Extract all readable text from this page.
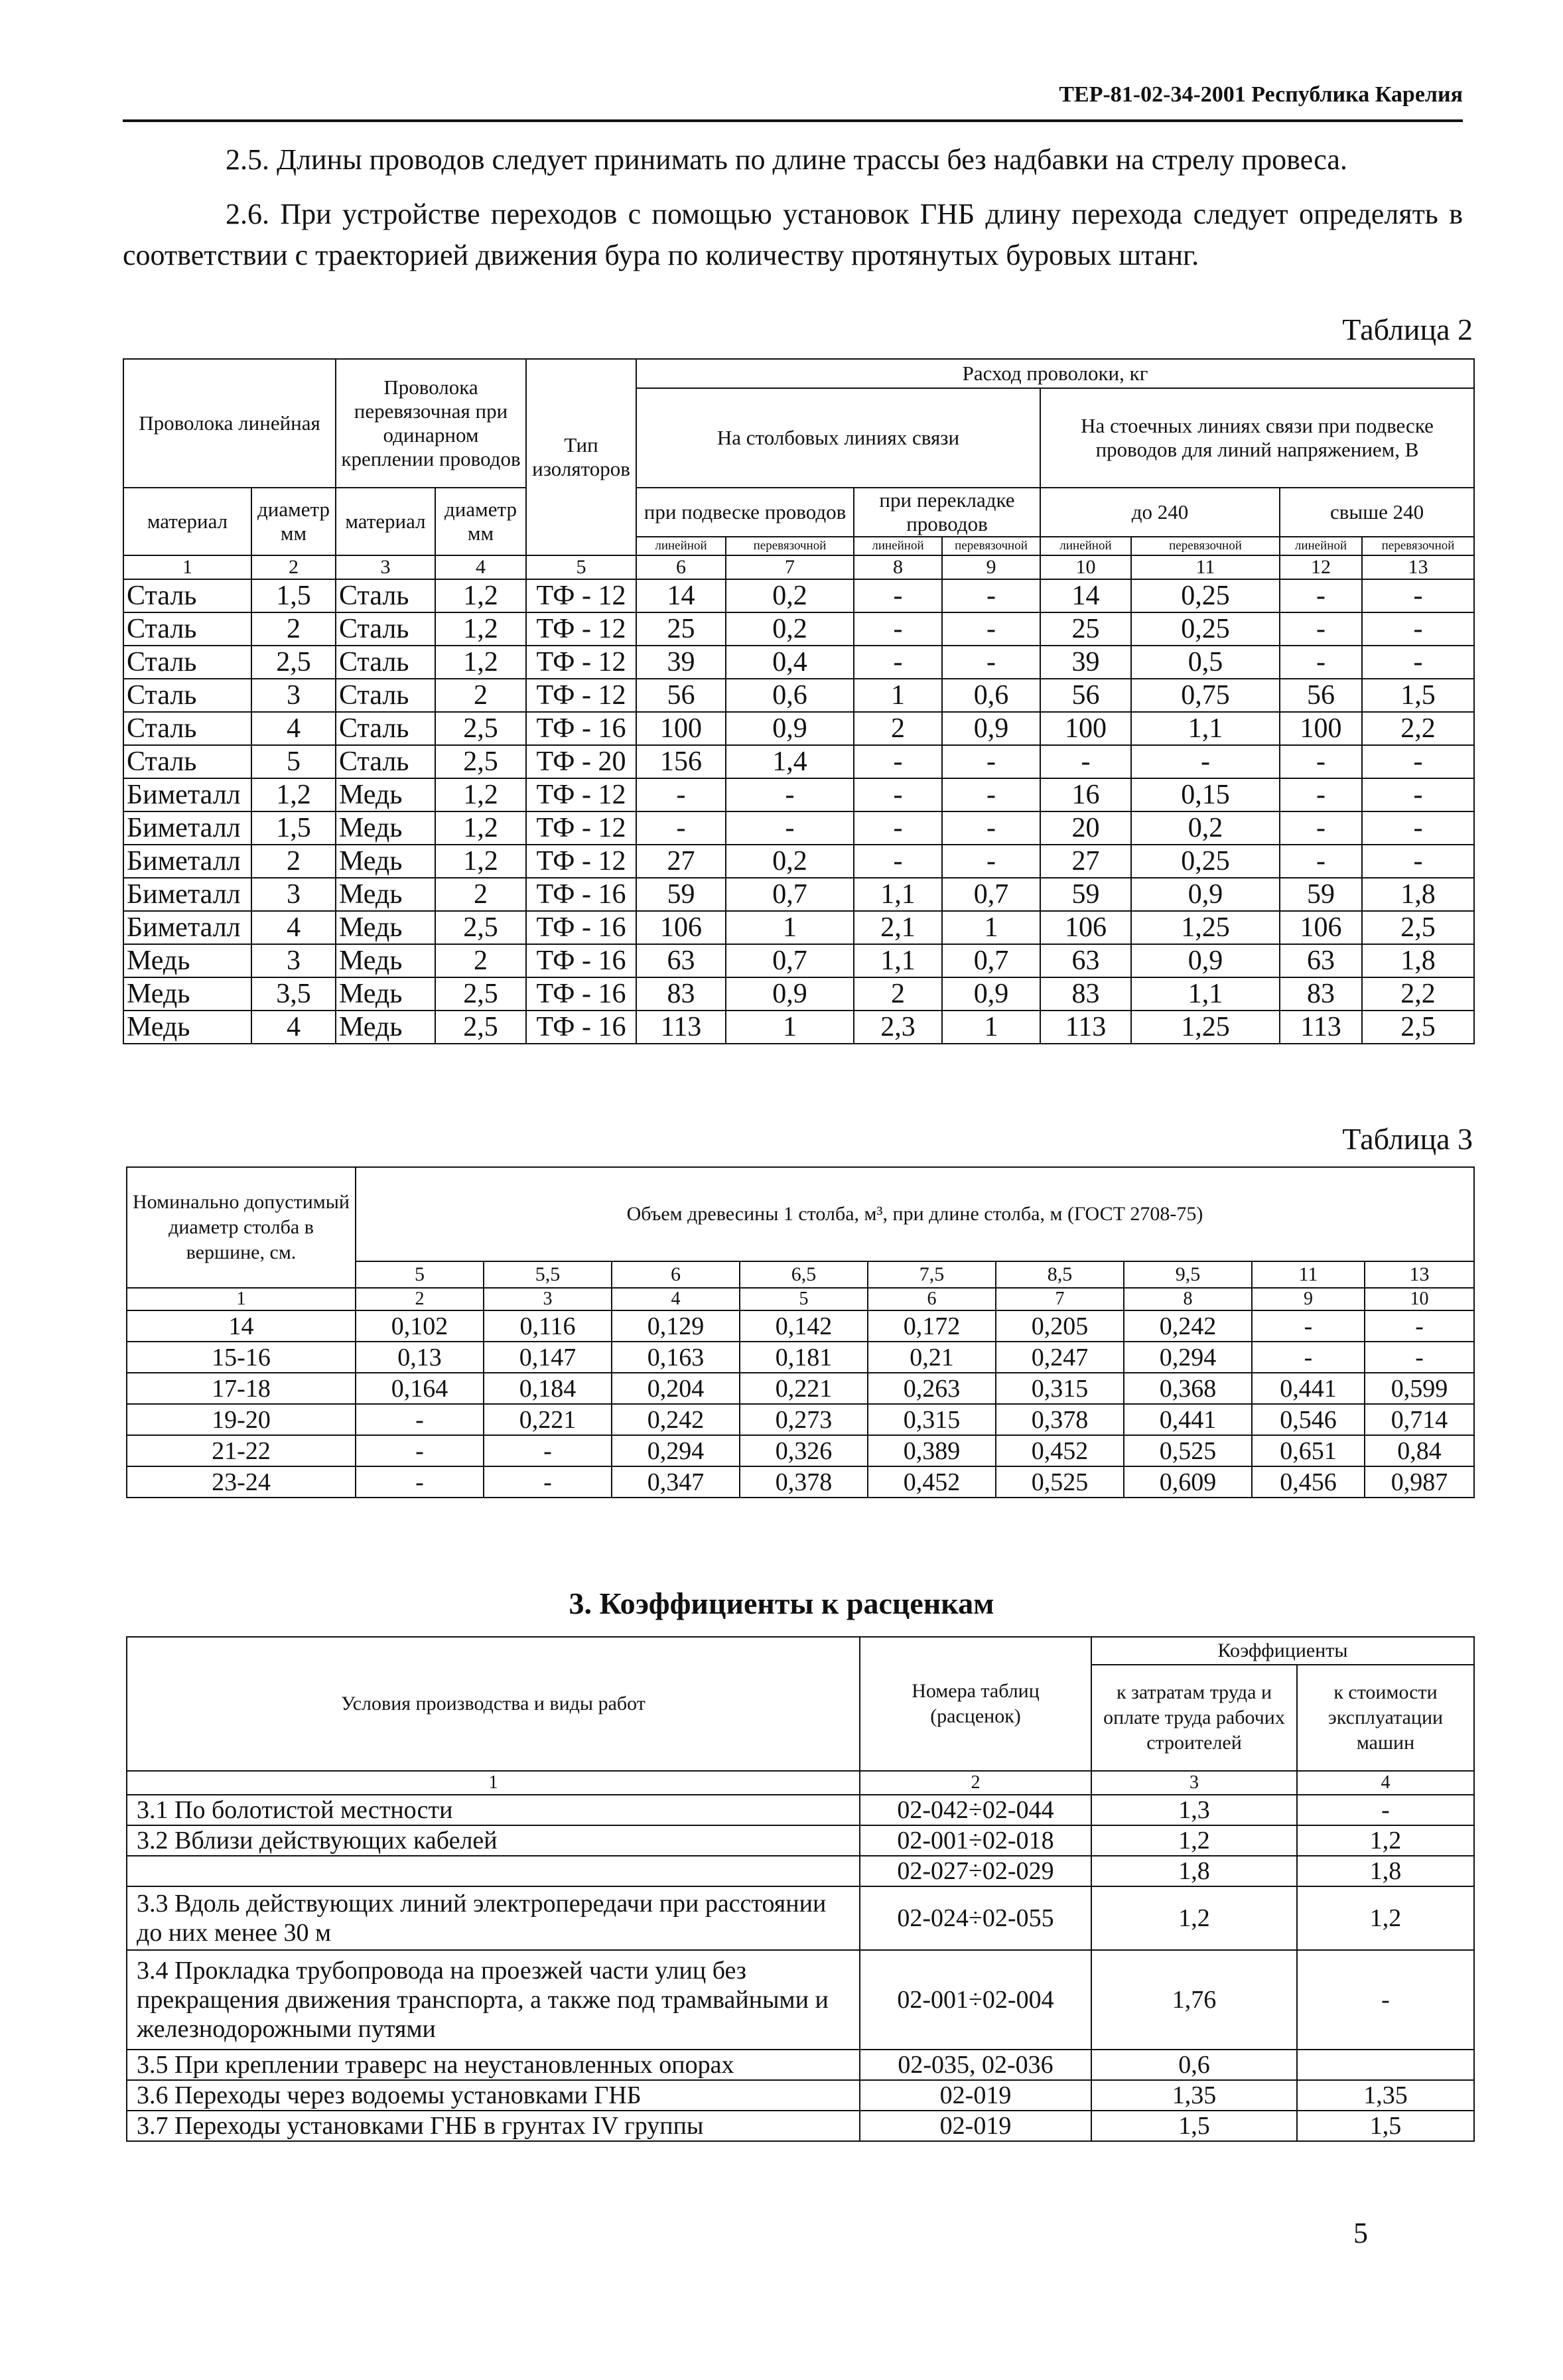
ТЕР-81-02-34-2001 Республика Карелия
2.5. Длины проводов следует принимать по длине трассы без надбавки на стрелу провеса.
2.6. При устройстве переходов с помощью установок ГНБ длину перехода следует определять в соответствии с траекторией движения бура по количеству протянутых буровых штанг.
Таблица 2
Проволока линейная		Проволока перевязочная при одинарном креплении проводов		Тип изоляторов	Расход проволоки, кг							
					На столбовых линиях связи				На стоечных линиях связи при подвеске проводов для линий напряжением, В			
материал	диаметр мм	материал	диаметр мм		при подвеске проводов		при перекладке проводов		до 240		свыше 240	
					линейной	перевязочной	линейной	перевязочной	линейной	перевязочной	линейной	перевязочной
1	2	3	4	5	6	7	8	9	10	11	12	13
Сталь	1,5	Сталь	1,2	ТФ - 12	14	0,2	-	-	14	0,25	-	-
Сталь	2	Сталь	1,2	ТФ - 12	25	0,2	-	-	25	0,25	-	-
Сталь	2,5	Сталь	1,2	ТФ - 12	39	0,4	-	-	39	0,5	-	-
Сталь	3	Сталь	2	ТФ - 12	56	0,6	1	0,6	56	0,75	56	1,5
Сталь	4	Сталь	2,5	ТФ - 16	100	0,9	2	0,9	100	1,1	100	2,2
Сталь	5	Сталь	2,5	ТФ - 20	156	1,4	-	-	-	-	-	-
Биметалл	1,2	Медь	1,2	ТФ - 12	-	-	-	-	16	0,15	-	-
Биметалл	1,5	Медь	1,2	ТФ - 12	-	-	-	-	20	0,2	-	-
Биметалл	2	Медь	1,2	ТФ - 12	27	0,2	-	-	27	0,25	-	-
Биметалл	3	Медь	2	ТФ - 16	59	0,7	1,1	0,7	59	0,9	59	1,8
Биметалл	4	Медь	2,5	ТФ - 16	106	1	2,1	1	106	1,25	106	2,5
Медь	3	Медь	2	ТФ - 16	63	0,7	1,1	0,7	63	0,9	63	1,8
Медь	3,5	Медь	2,5	ТФ - 16	83	0,9	2	0,9	83	1,1	83	2,2
Медь	4	Медь	2,5	ТФ - 16	113	1	2,3	1	113	1,25	113	2,5
Таблица 3
Номинально допустимый диаметр столба в вершине, см.	Объем древесины 1 столба, м³, при длине столба, м (ГОСТ 2708-75)								
	5	5,5	6	6,5	7,5	8,5	9,5	11	13
1	2	3	4	5	6	7	8	9	10
14	0,102	0,116	0,129	0,142	0,172	0,205	0,242	-	-
15-16	0,13	0,147	0,163	0,181	0,21	0,247	0,294	-	-
17-18	0,164	0,184	0,204	0,221	0,263	0,315	0,368	0,441	0,599
19-20	-	0,221	0,242	0,273	0,315	0,378	0,441	0,546	0,714
21-22	-	-	0,294	0,326	0,389	0,452	0,525	0,651	0,84
23-24	-	-	0,347	0,378	0,452	0,525	0,609	0,456	0,987
3. Коэффициенты к расценкам
Условия производства и виды работ	Номера таблиц (расценок)	Коэффициенты	
		к затратам труда и оплате труда рабочих строителей	к стоимости эксплуатации машин
1	2	3	4
3.1 По болотистой местности	02-042÷02-044	1,3	-
3.2 Вблизи действующих кабелей	02-001÷02-018	1,2	1,2
	02-027÷02-029	1,8	1,8
3.3 Вдоль действующих линий электропередачи при расстоянии до них менее 30 м	02-024÷02-055	1,2	1,2
3.4 Прокладка трубопровода на проезжей части улиц без прекращения движения транспорта, а также под трамвайными и железнодорожными путями	02-001÷02-004	1,76	-
3.5 При креплении траверс на неустановленных опорах	02-035, 02-036	0,6	
3.6 Переходы через водоемы установками ГНБ	02-019	1,35	1,35
3.7 Переходы установками ГНБ в грунтах IV группы	02-019	1,5	1,5
5
